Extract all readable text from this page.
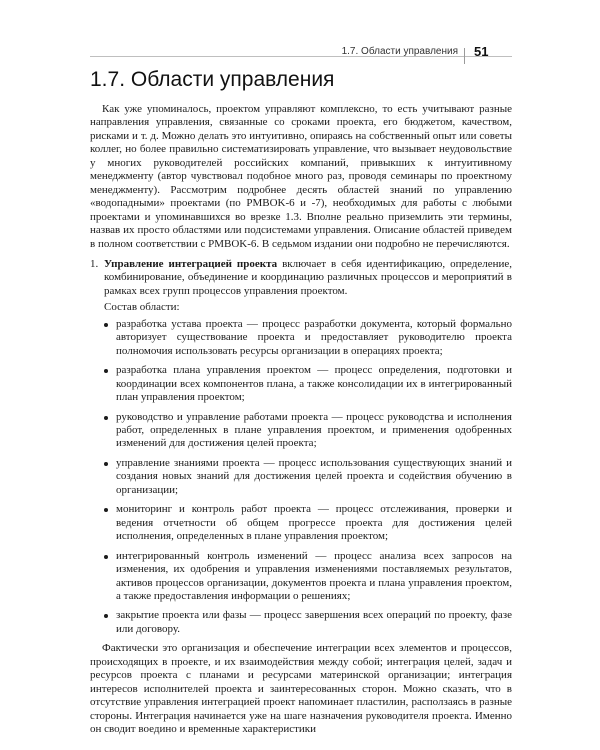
1.7. Области управления 51
1.7. Области управления

Как уже упоминалось, проектом управляют комплексно, то есть учитывают разные направления управления, связанные со сроками проекта, его бюджетом, качеством, рисками и т. д. Можно делать это интуитивно, опираясь на собственный опыт или советы коллег, но более правильно систематизировать управление, что вызывает неудовольствие у многих руководителей российских компаний, привыкших к интуитивному менеджменту (автор чувствовал подобное много раз, проводя семинары по проектному менеджменту). Рассмотрим подробнее десять областей знаний по управлению «водопадными» проектами (по PMBOK-6 и -7), необходимых для работы с любыми проектами и упоминавшихся во врезке 1.3. Вполне реально приземлить эти термины, назвав их просто областями или подсистемами управления. Описание областей приведем в полном соответствии с PMBOK-6. В седьмом издании они подробно не перечисляются.

1. Управление интеграцией проекта включает в себя идентификацию, определение, комбинирование, объединение и координацию различных процессов и мероприятий в рамках всех групп процессов управления проектом.
Состав области:
разработка устава проекта — процесс разработки документа, который формально авторизует существование проекта и предоставляет руководителю проекта полномочия использовать ресурсы организации в операциях проекта;
разработка плана управления проектом — процесс определения, подготовки и координации всех компонентов плана, а также консолидации их в интегрированный план управления проектом;
руководство и управление работами проекта — процесс руководства и исполнения работ, определенных в плане управления проектом, и применения одобренных изменений для достижения целей проекта;
управление знаниями проекта — процесс использования существующих знаний и создания новых знаний для достижения целей проекта и содействия обучению в организации;
мониторинг и контроль работ проекта — процесс отслеживания, проверки и ведения отчетности об общем прогрессе проекта для достижения целей исполнения, определенных в плане управления проектом;
интегрированный контроль изменений — процесс анализа всех запросов на изменения, их одобрения и управления изменениями поставляемых результатов, активов процессов организации, документов проекта и плана управления проектом, а также предоставления информации о решениях;
закрытие проекта или фазы — процесс завершения всех операций по проекту, фазе или договору.

Фактически это организация и обеспечение интеграции всех элементов и процессов, происходящих в проекте, и их взаимодействия между собой; интеграция целей, задач и ресурсов проекта с планами и ресурсами материнской организации; интеграция интересов исполнителей проекта и заинтересованных сторон. Можно сказать, что в отсутствие управления интеграцией проект напоминает пластилин, расползаясь в разные стороны. Интеграция начинается уже на шаге назначения руководителя проекта. Именно он сводит воедино и временные характеристики
